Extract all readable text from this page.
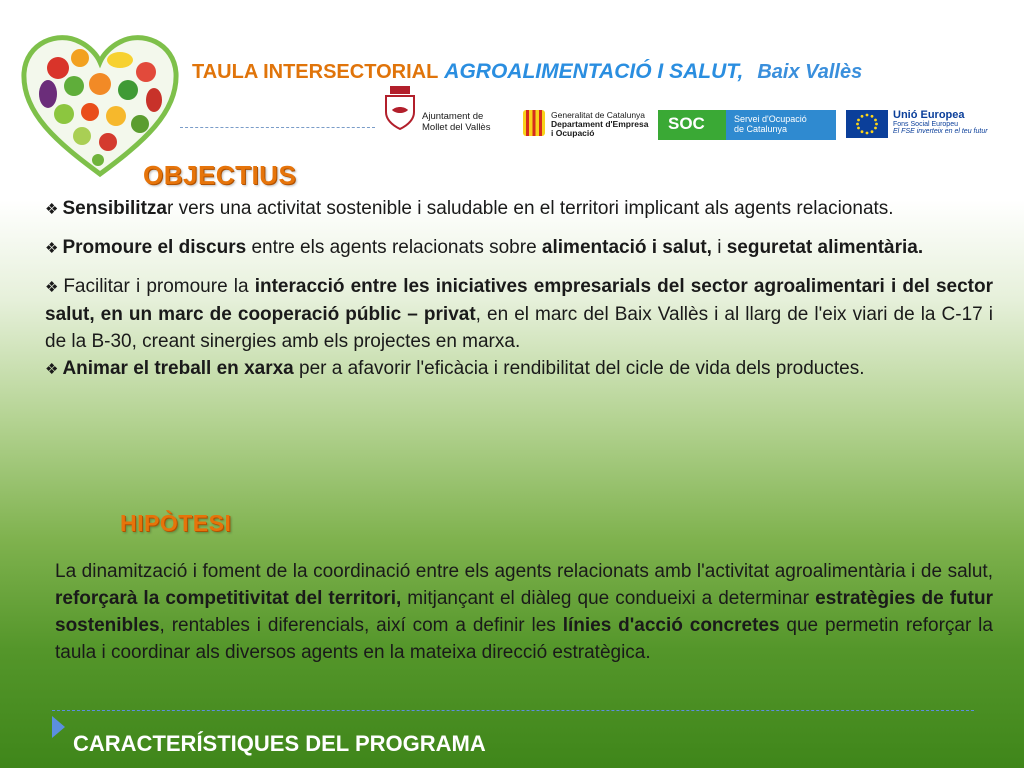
TAULA INTERSECTORIAL AGROALIMENTACIÓ I SALUT, Baix Vallès
Ajuntament de
Mollet del Vallès
Generalitat de Catalunya
Departament d'Empresa
i Ocupació	SOC	Servei d'Ocupació
de Catalunya
Unió Europea
Fons Social Europeu
El FSE inverteix en el teu futur
OBJECTIUS

❖ Sensibilitzar vers una activitat sostenible i saludable en el territori implicant als agents relacionats.

❖ Promoure el discurs entre els agents relacionats sobre alimentació i salut, i seguretat alimentària.

❖ Facilitar i promoure la interacció entre les iniciatives empresarials del sector agroalimentari i del sector salut, en un marc de cooperació públic – privat, en el marc del Baix Vallès i al llarg de l'eix viari de la C-17 i de la B-30, creant sinergies amb els projectes en marxa.

❖ Animar el treball en xarxa per a afavorir l'eficàcia i rendibilitat del cicle de vida dels productes.

HIPÒTESI
La dinamització i foment de la coordinació entre els agents relacionats amb l'activitat agroalimentària i de salut, reforçarà la competitivitat del territori, mitjançant el diàleg que condueixi a determinar estratègies de futur sostenibles, rentables i diferencials, així com a definir les línies d'acció concretes que permetin reforçar la taula i coordinar als diversos agents en la mateixa direcció estratègica.
CARACTERÍSTIQUES DEL PROGRAMA
